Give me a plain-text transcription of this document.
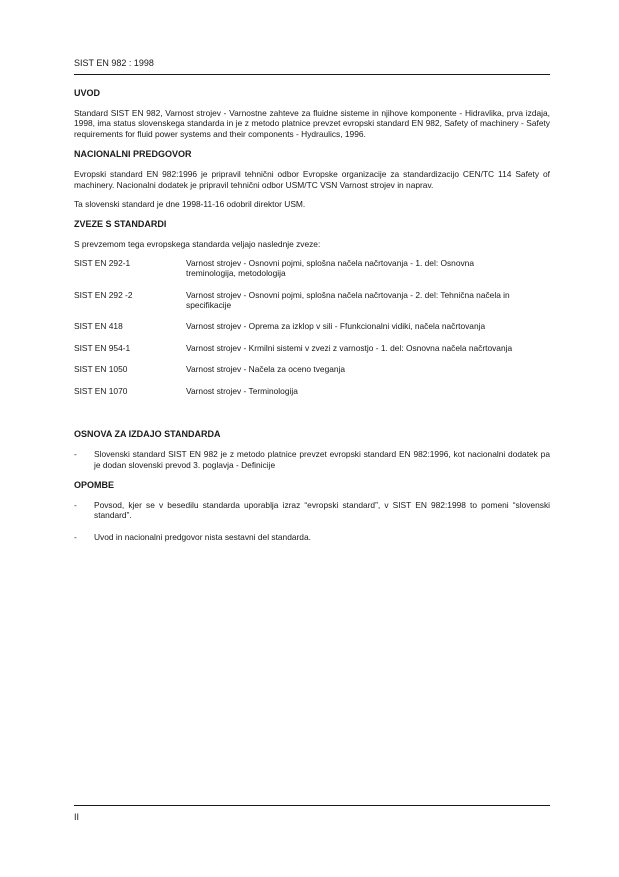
SIST EN 982 : 1998
UVOD

Standard SIST EN 982, Varnost strojev - Varnostne zahteve za fluidne sisteme in njihove komponente - Hidravlika, prva izdaja, 1998, ima status slovenskega standarda in je z metodo platnice prevzet evropski standard EN 982, Safety of machinery - Safety requirements for fluid power systems and their components - Hydraulics, 1996.

NACIONALNI PREDGOVOR

Evropski standard EN 982:1996 je pripravil tehnični odbor Evropske organizacije za standardizacijo CEN/TC 114 Safety of machinery. Nacionalni dodatek je pripravil tehnični odbor USM/TC VSN Varnost strojev in naprav.

Ta slovenski standard je dne 1998-11-16 odobril direktor USM.

ZVEZE S STANDARDI

S prevzemom tega evropskega standarda veljajo naslednje zveze:

SIST EN 292-1	Varnost strojev - Osnovni pojmi, splošna načela načrtovanja - 1. del: Osnovna treminologija, metodologija
SIST EN 292 -2	Varnost strojev - Osnovni pojmi, splošna načela načrtovanja - 2. del: Tehnična načela in specifikacije
SIST EN 418	Varnost strojev - Oprema za izklop v sili - Ffunkcionalni vidiki, načela načrtovanja
SIST EN 954-1	Varnost strojev - Krmilni sistemi v zvezi z varnostjo - 1. del: Osnovna načela načrtovanja
SIST EN 1050	Varnost strojev - Načela za oceno tveganja
SIST EN 1070	Varnost strojev - Terminologija
OSNOVA ZA IZDAJO STANDARDA
-	Slovenski standard SIST EN 982 je z metodo platnice prevzet evropski standard EN 982:1996, kot nacionalni dodatek pa je dodan slovenski prevod 3. poglavja - Definicije
OPOMBE
-	Povsod, kjer se v besedilu standarda uporablja izraz “evropski standard”, v SIST EN 982:1998 to pomeni “slovenski standard”.
-	Uvod in nacionalni predgovor nista sestavni del standarda.
II
